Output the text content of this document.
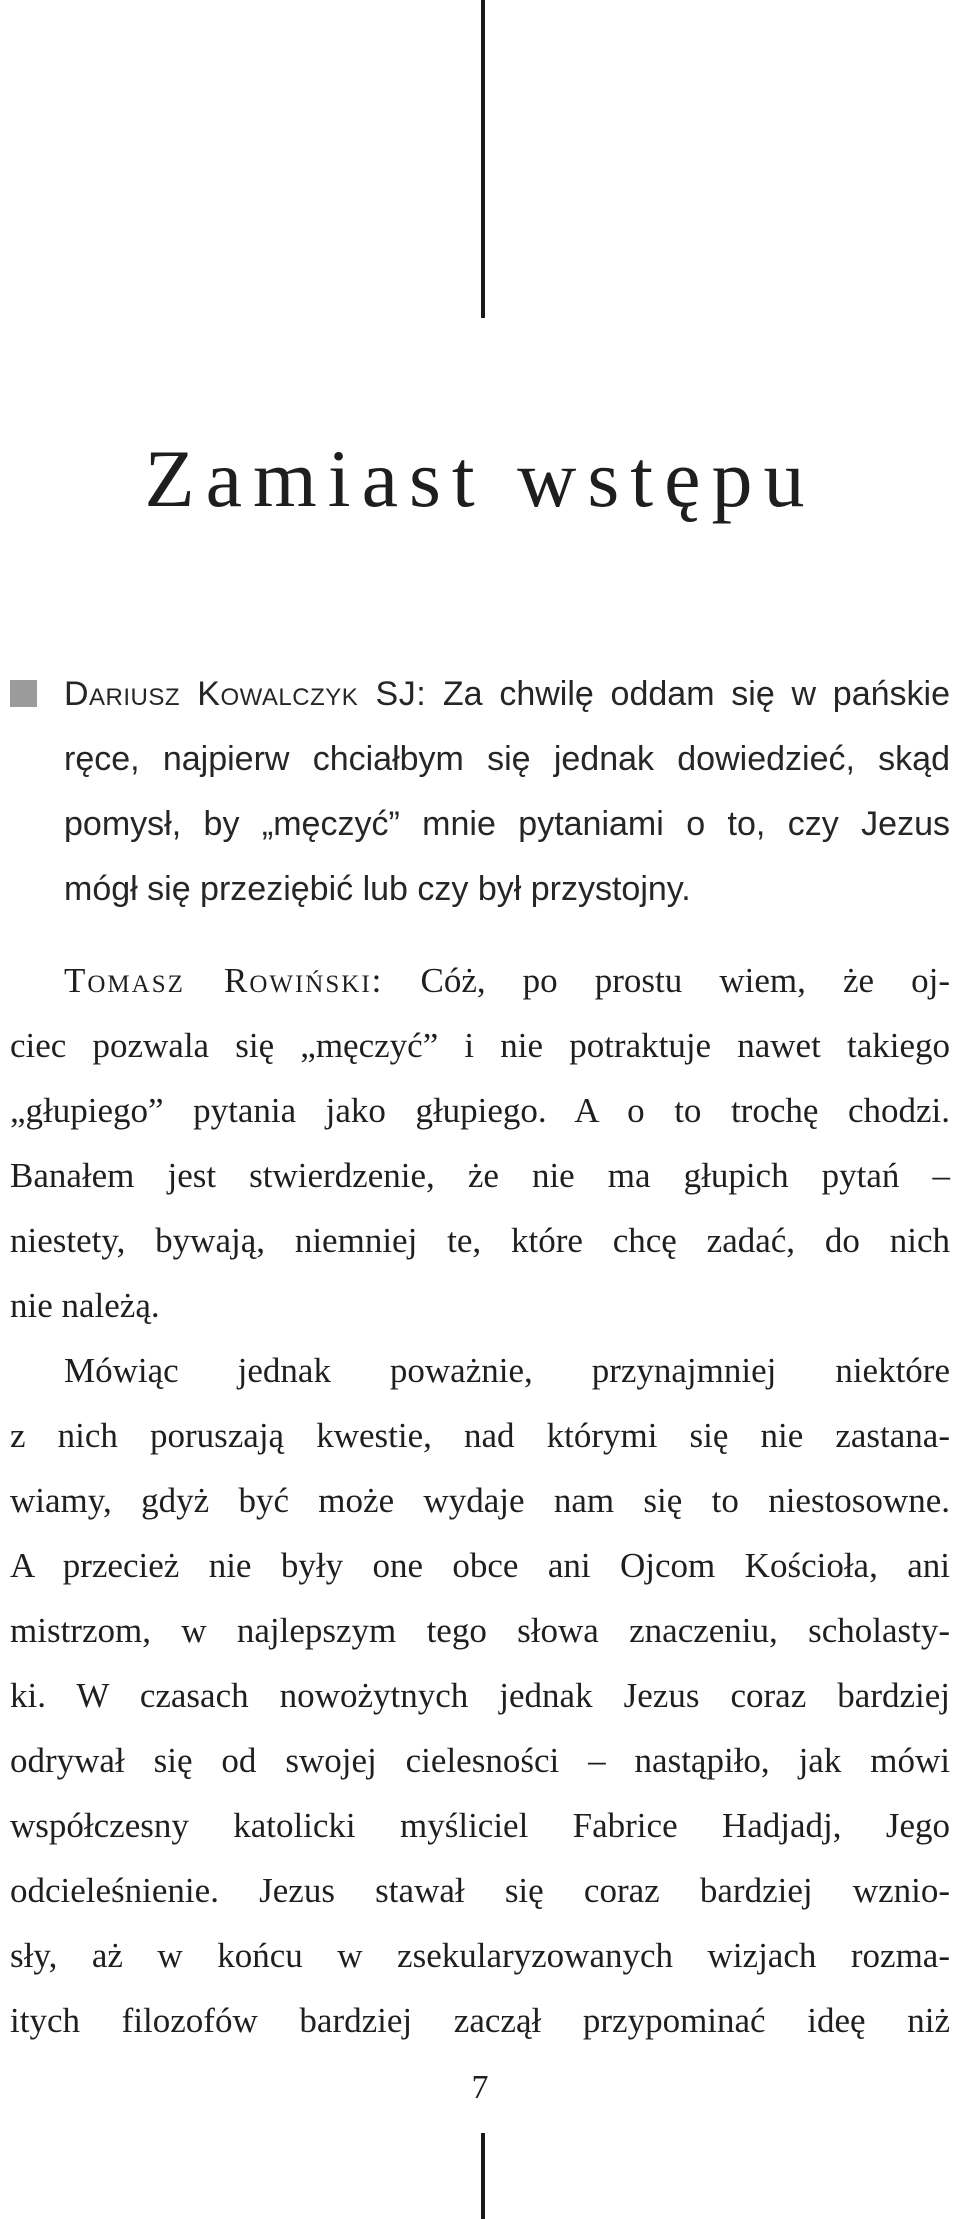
Zamiast wstępu
Dariusz Kowalczyk SJ: Za chwilę oddam się w pańskie
ręce, najpierw chciałbym się jednak dowiedzieć, skąd
pomysł, by „męczyć” mnie pytaniami o to, czy Jezus
mógł się przeziębić lub czy był przystojny.
Tomasz Rowiński: Cóż, po prostu wiem, że oj-
ciec pozwala się „męczyć” i nie potraktuje nawet takiego
„głupiego” pytania jako głupiego. A o to trochę chodzi.
Banałem jest stwierdzenie, że nie ma głupich pytań –
niestety, bywają, niemniej te, które chcę zadać, do nich
nie należą.
Mówiąc jednak poważnie, przynajmniej niektóre
z nich poruszają kwestie, nad którymi się nie zastana-
wiamy, gdyż być może wydaje nam się to niestosowne.
A przecież nie były one obce ani Ojcom Kościoła, ani
mistrzom, w najlepszym tego słowa znaczeniu, scholasty-
ki. W czasach nowożytnych jednak Jezus coraz bardziej
odrywał się od swojej cielesności – nastąpiło, jak mówi
współczesny katolicki myśliciel Fabrice Hadjadj, Jego
odcieleśnienie. Jezus stawał się coraz bardziej wznio-
sły, aż w końcu w zsekularyzowanych wizjach rozma-
itych filozofów bardziej zaczął przypominać ideę niż
7
